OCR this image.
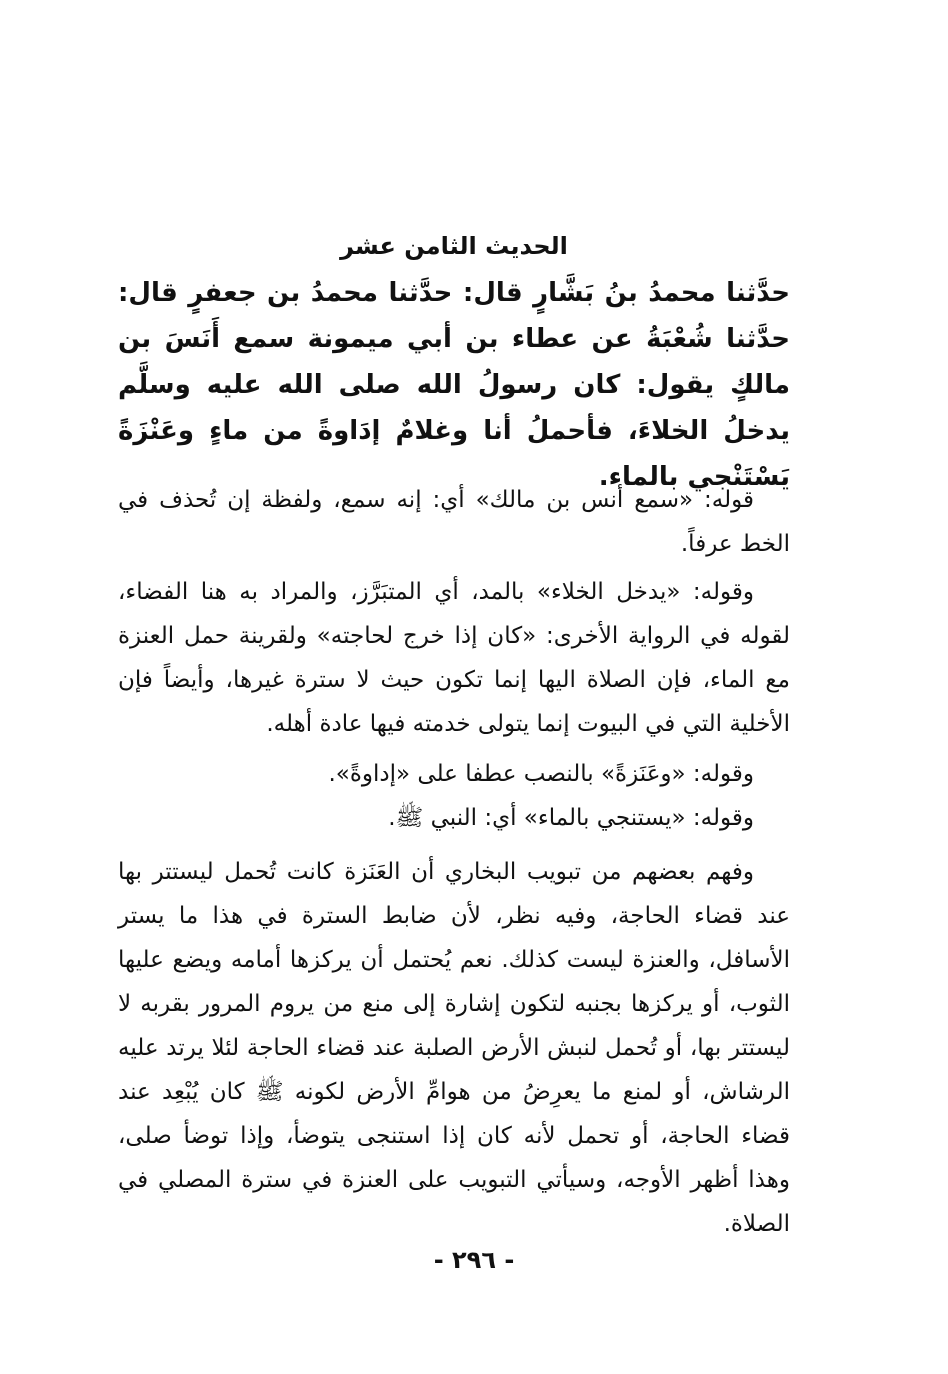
الحديث الثامن عشر
حدَّثنا محمدُ بنُ بَشَّارٍ قال: حدَّثنا محمدُ بن جعفرٍ قال: حدَّثنا شُعْبَةُ عن عطاء بن أبي ميمونة سمع أَنَسَ بن مالكٍ يقول: كان رسولُ الله صلى الله عليه وسلَّم يدخلُ الخلاءَ، فأحملُ أنا وغلامٌ إدَاوةً من ماءٍ وعَنْزَةً يَسْتَنْجي بالماء.
قوله: «سمع أنس بن مالك» أي: إنه سمع، ولفظة إن تُحذف في الخط عرفاً.
وقوله: «يدخل الخلاء» بالمد، أي المتبَرَّز، والمراد به هنا الفضاء، لقوله في الرواية الأخرى: «كان إذا خرج لحاجته» ولقرينة حمل العنزة مع الماء، فإن الصلاة اليها إنما تكون حيث لا سترة غيرها، وأيضاً فإن الأخلية التي في البيوت إنما يتولى خدمته فيها عادة أهله.
وقوله: «وعَنَزةً» بالنصب عطفا على «إداوةً».
وقوله: «يستنجي بالماء» أي: النبي ﷺ.
وفهم بعضهم من تبويب البخاري أن العَنَزة كانت تُحمل ليستتر بها عند قضاء الحاجة، وفيه نظر، لأن ضابط السترة في هذا ما يستر الأسافل، والعنزة ليست كذلك. نعم يُحتمل أن يركزها أمامه ويضع عليها الثوب، أو يركزها بجنبه لتكون إشارة إلى منع من يروم المرور بقربه لا ليستتر بها، أو تُحمل لنبش الأرض الصلبة عند قضاء الحاجة لئلا يرتد عليه الرشاش، أو لمنع ما يعرِضُ من هوامِّ الأرض لكونه ﷺ كان يُبْعِد عند قضاء الحاجة، أو تحمل لأنه كان إذا استنجى يتوضأ، وإذا توضأ صلى، وهذا أظهر الأوجه، وسيأتي التبويب على العنزة في سترة المصلي في الصلاة.
- ٢٩٦ -
